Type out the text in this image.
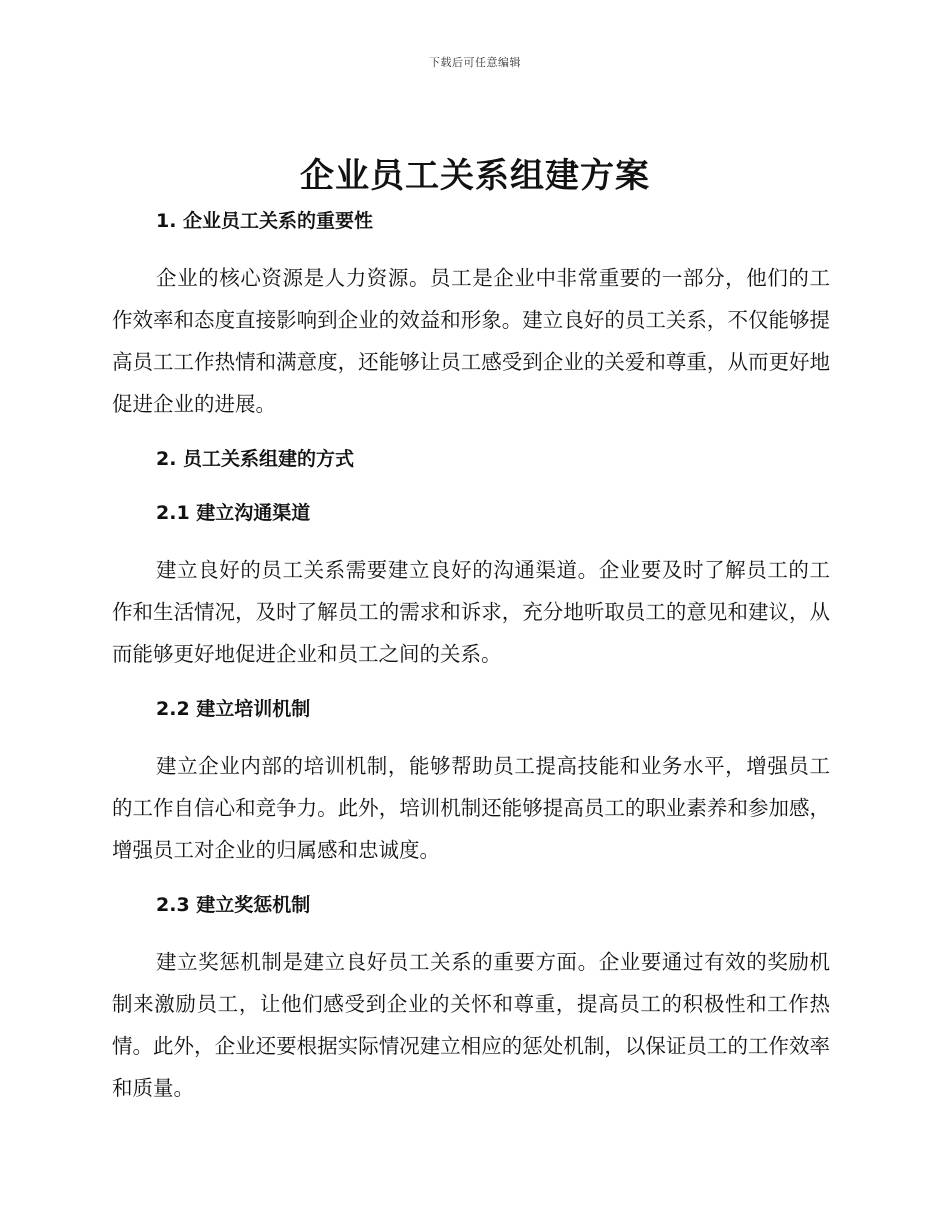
下载后可任意编辑
企业员工关系组建方案
1. 企业员工关系的重要性

企业的核心资源是人力资源。员工是企业中非常重要的一部分，他们的工作效率和态度直接影响到企业的效益和形象。建立良好的员工关系，不仅能够提高员工工作热情和满意度，还能够让员工感受到企业的关爱和尊重，从而更好地促进企业的进展。

2. 员工关系组建的方式
2.1 建立沟通渠道

建立良好的员工关系需要建立良好的沟通渠道。企业要及时了解员工的工作和生活情况，及时了解员工的需求和诉求，充分地听取员工的意见和建议，从而能够更好地促进企业和员工之间的关系。

2.2 建立培训机制

建立企业内部的培训机制，能够帮助员工提高技能和业务水平，增强员工的工作自信心和竞争力。此外，培训机制还能够提高员工的职业素养和参加感，增强员工对企业的归属感和忠诚度。

2.3 建立奖惩机制

建立奖惩机制是建立良好员工关系的重要方面。企业要通过有效的奖励机制来激励员工，让他们感受到企业的关怀和尊重，提高员工的积极性和工作热情。此外，企业还要根据实际情况建立相应的惩处机制，以保证员工的工作效率和质量。
